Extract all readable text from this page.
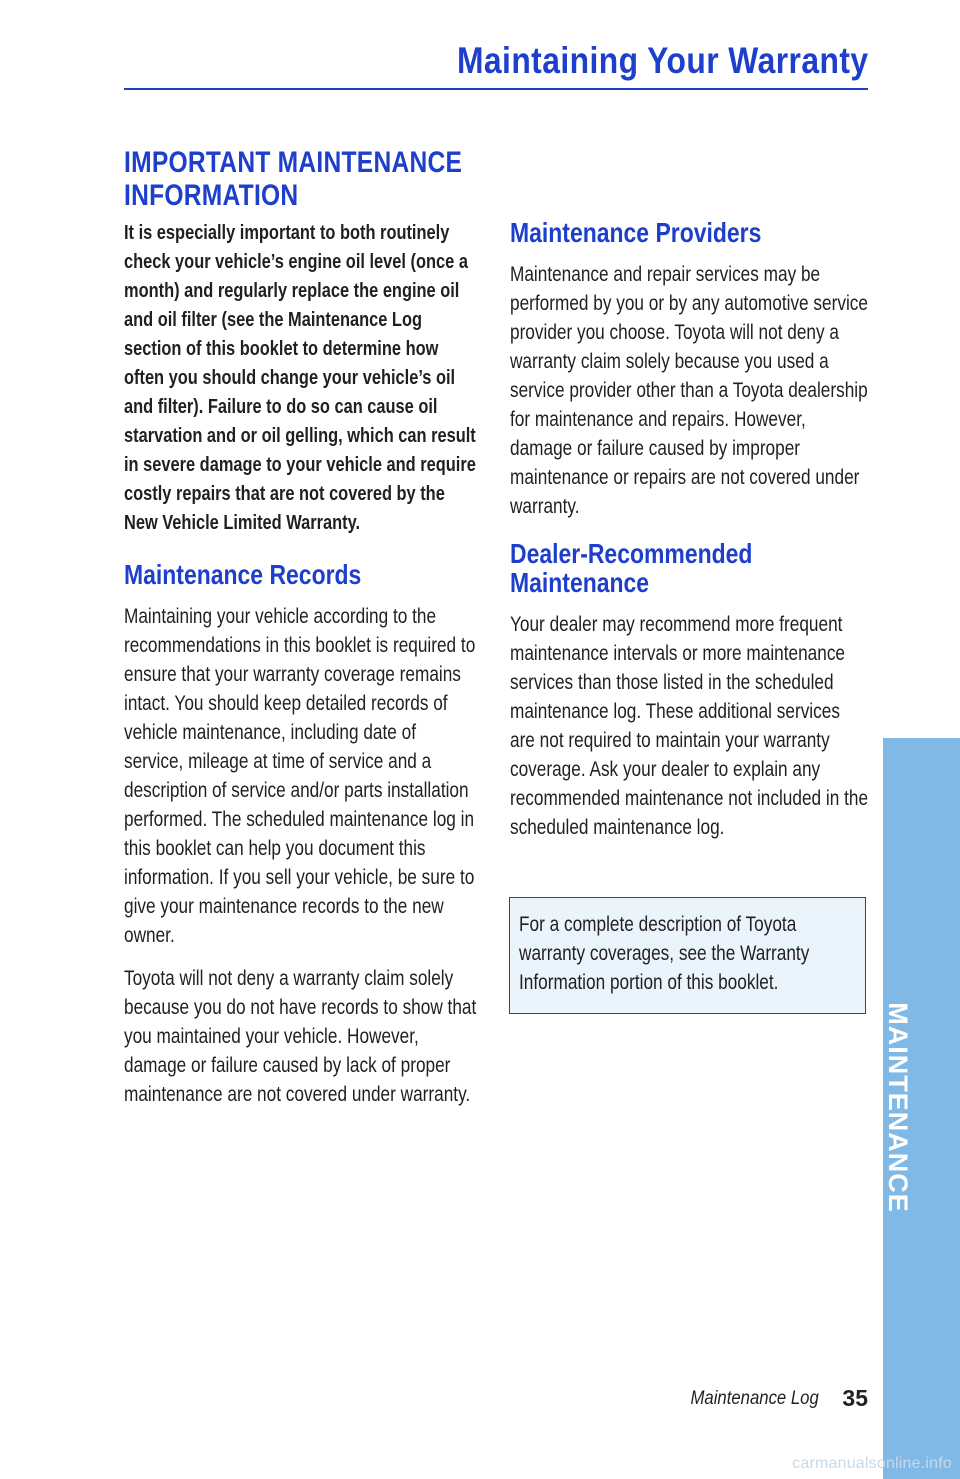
Maintaining Your Warranty
IMPORTANT MAINTENANCE INFORMATION

It is especially important to both routinely check your vehicle’s engine oil level (once a month) and regularly replace the engine oil and oil filter (see the Maintenance Log section of this booklet to determine how often you should change your vehicle’s oil and filter). Failure to do so can cause oil starvation and or oil gelling, which can result in severe damage to your vehicle and require costly repairs that are not covered by the New Vehicle Limited Warranty.

Maintenance Records

Maintaining your vehicle according to the recommendations in this booklet is required to ensure that your warranty coverage remains intact. You should keep detailed records of vehicle maintenance, including date of service, mileage at time of service and a description of service and/or parts installation performed. The scheduled maintenance log in this booklet can help you document this information. If you sell your vehicle, be sure to give your maintenance records to the new owner.

Toyota will not deny a warranty claim solely because you do not have records to show that you maintained your vehicle. However, damage or failure caused by lack of proper maintenance are not covered under warranty.

Maintenance Providers

Maintenance and repair services may be performed by you or by any automotive service provider you choose. Toyota will not deny a warranty claim solely because you used a service provider other than a Toyota dealership for maintenance and repairs. However, damage or failure caused by improper maintenance or repairs are not covered under warranty.

Dealer-Recommended Maintenance

Your dealer may recommend more frequent maintenance intervals or more maintenance services than those listed in the scheduled maintenance log. These additional services are not required to maintain your warranty coverage. Ask your dealer to explain any recommended maintenance not included in the scheduled maintenance log.

For a complete description of Toyota warranty coverages, see the Warranty Information portion of this booklet.

MAINTENANCE
Maintenance Log 35
carmanualsonline.info
